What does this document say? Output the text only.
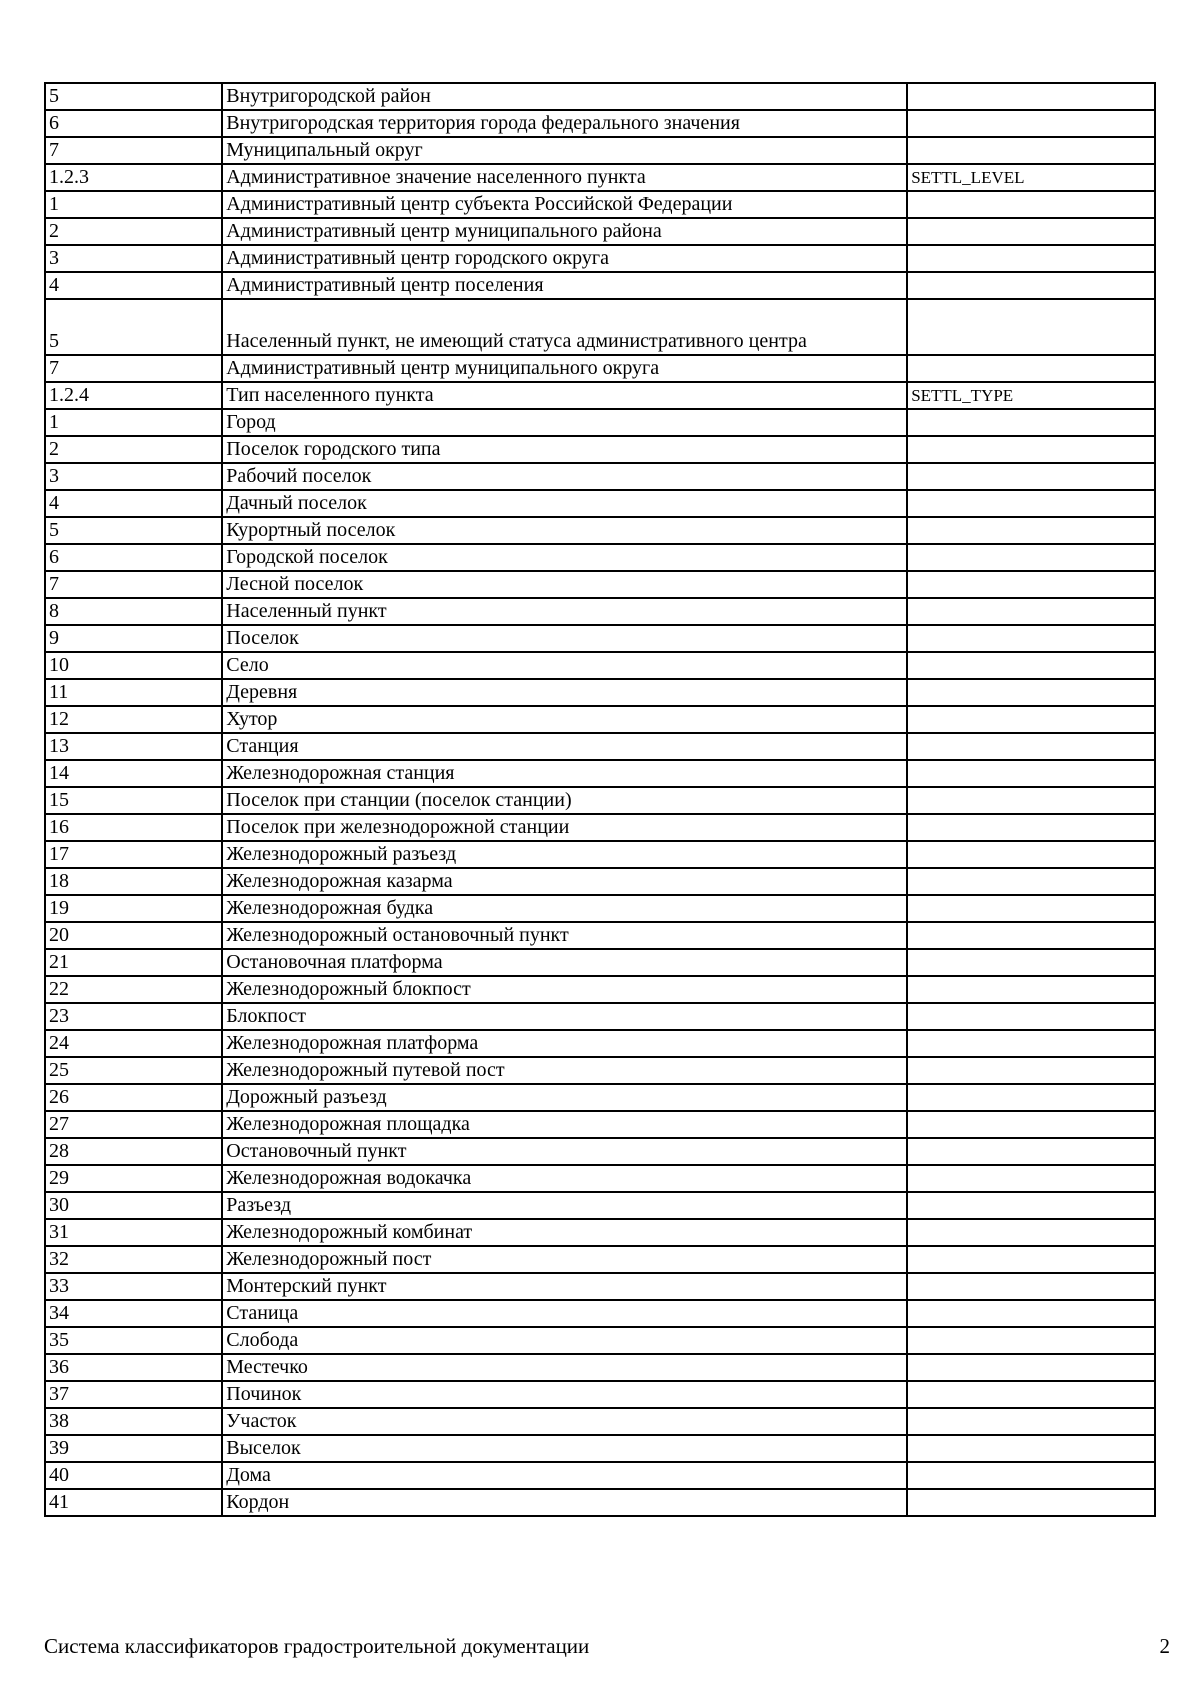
5	Внутригородской район	
6	Внутригородская территория города федерального значения	
7	Муниципальный округ	
1.2.3	Административное значение населенного пункта	SETTL_LEVEL
1	Административный центр субъекта Российской Федерации	
2	Административный центр муниципального района	
3	Административный центр городского округа	
4	Административный центр поселения	
5	Населенный пункт, не имеющий статуса административного центра	
7	Административный центр муниципального округа	
1.2.4	Тип населенного пункта	SETTL_TYPE
1	Город	
2	Поселок городского типа	
3	Рабочий поселок	
4	Дачный поселок	
5	Курортный поселок	
6	Городской поселок	
7	Лесной поселок	
8	Населенный пункт	
9	Поселок	
10	Село	
11	Деревня	
12	Хутор	
13	Станция	
14	Железнодорожная станция	
15	Поселок при станции (поселок станции)	
16	Поселок при железнодорожной станции	
17	Железнодорожный разъезд	
18	Железнодорожная казарма	
19	Железнодорожная будка	
20	Железнодорожный остановочный пункт	
21	Остановочная платформа	
22	Железнодорожный блокпост	
23	Блокпост	
24	Железнодорожная платформа	
25	Железнодорожный путевой пост	
26	Дорожный разъезд	
27	Железнодорожная площадка	
28	Остановочный пункт	
29	Железнодорожная водокачка	
30	Разъезд	
31	Железнодорожный комбинат	
32	Железнодорожный пост	
33	Монтерский пункт	
34	Станица	
35	Слобода	
36	Местечко	
37	Починок	
38	Участок	
39	Выселок	
40	Дома	
41	Кордон	
Система классификаторов градостроительной документации	2
